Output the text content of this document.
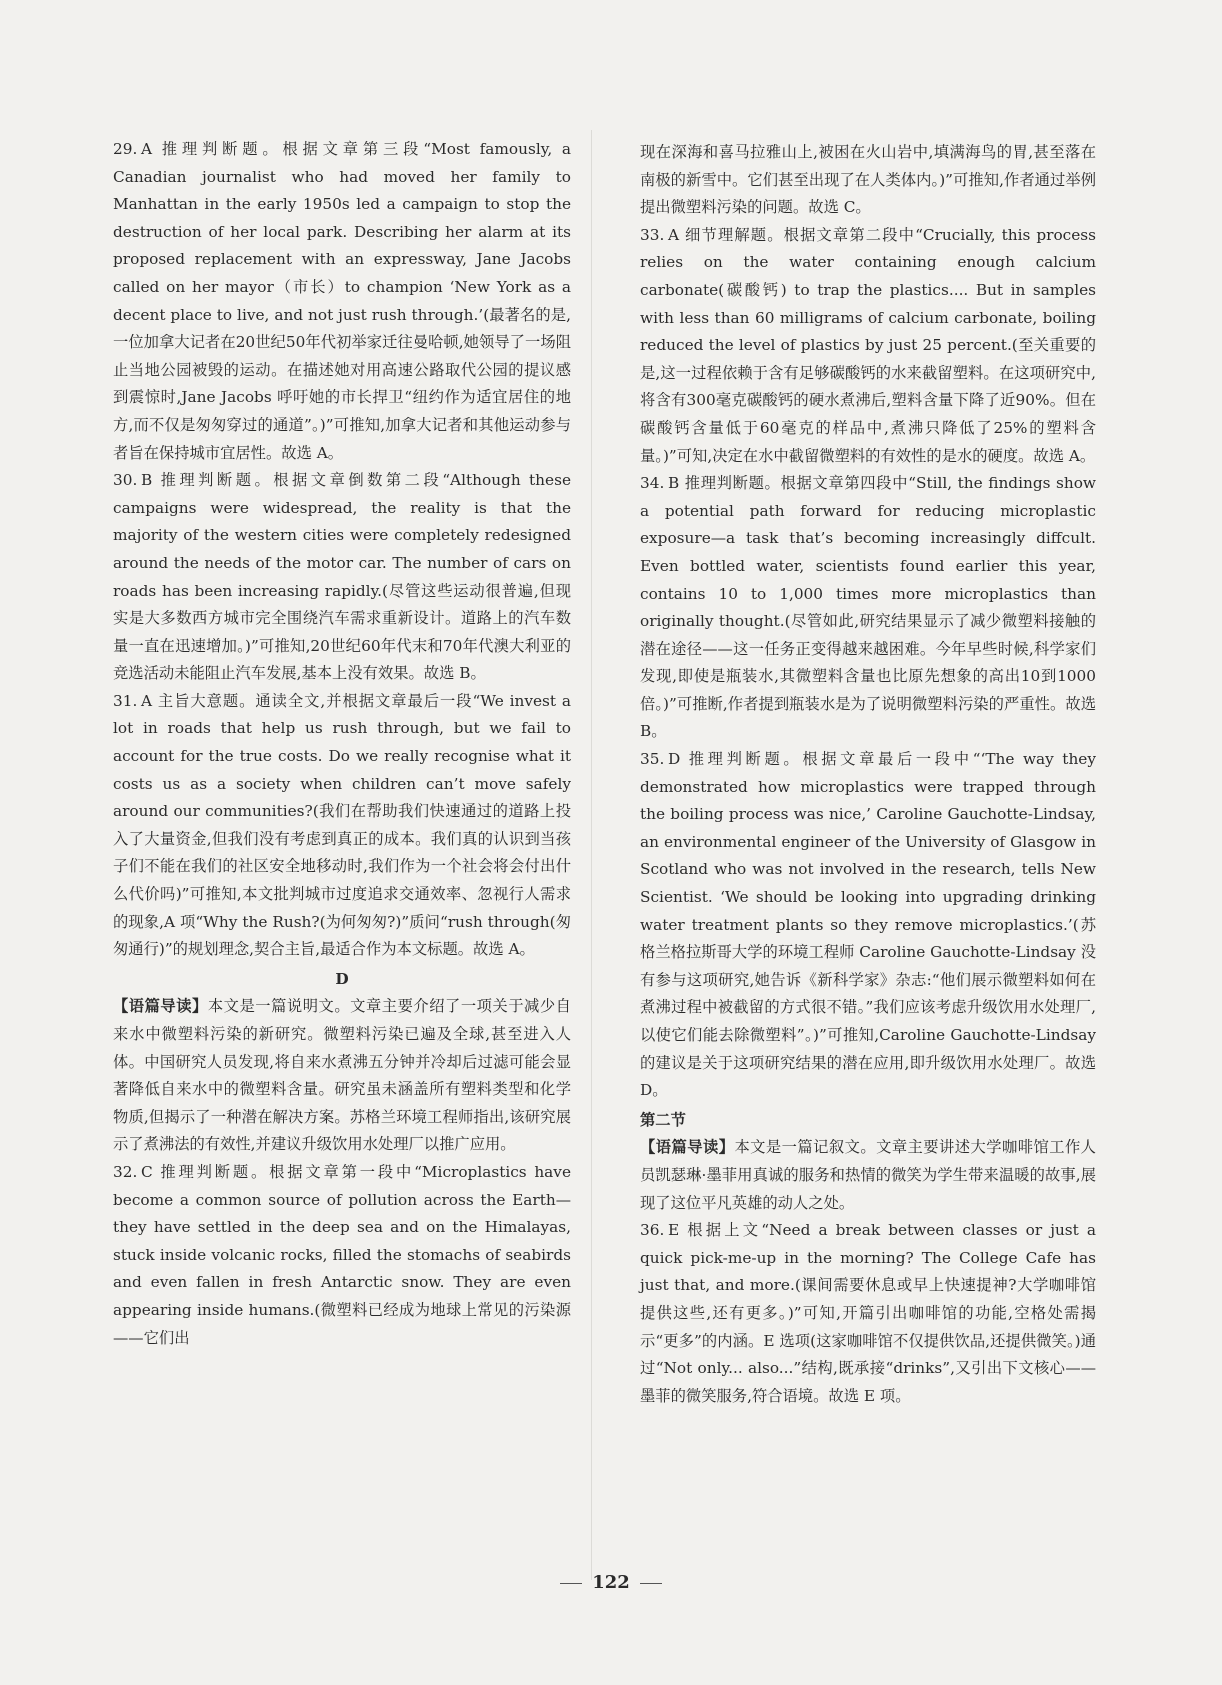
29. A 推理判断题。根据文章第三段“Most famously, a Canadian journalist who had moved her family to Manhattan in the early 1950s led a campaign to stop the destruction of her local park. Describing her alarm at its proposed replacement with an expressway, Jane Jacobs called on her mayor（市长）to champion ‘New York as a decent place to live, and not just rush through.’(最著名的是,一位加拿大记者在20世纪50年代初举家迁往曼哈顿,她领导了一场阻止当地公园被毁的运动。在描述她对用高速公路取代公园的提议感到震惊时,Jane Jacobs 呼吁她的市长捍卫“纽约作为适宜居住的地方,而不仅是匆匆穿过的通道”。)”可推知,加拿大记者和其他运动参与者旨在保持城市宜居性。故选 A。
30. B 推理判断题。根据文章倒数第二段“Although these campaigns were widespread, the reality is that the majority of the western cities were completely redesigned around the needs of the motor car. The number of cars on roads has been increasing rapidly.(尽管这些运动很普遍,但现实是大多数西方城市完全围绕汽车需求重新设计。道路上的汽车数量一直在迅速增加。)”可推知,20世纪60年代末和70年代澳大利亚的竞选活动未能阻止汽车发展,基本上没有效果。故选 B。
31. A 主旨大意题。通读全文,并根据文章最后一段“We invest a lot in roads that help us rush through, but we fail to account for the true costs. Do we really recognise what it costs us as a society when children can’t move safely around our communities?(我们在帮助我们快速通过的道路上投入了大量资金,但我们没有考虑到真正的成本。我们真的认识到当孩子们不能在我们的社区安全地移动时,我们作为一个社会将会付出什么代价吗)”可推知,本文批判城市过度追求交通效率、忽视行人需求的现象,A 项“Why the Rush?(为何匆匆?)”质问“rush through(匆匆通行)”的规划理念,契合主旨,最适合作为本文标题。故选 A。
D
【语篇导读】本文是一篇说明文。文章主要介绍了一项关于减少自来水中微塑料污染的新研究。微塑料污染已遍及全球,甚至进入人体。中国研究人员发现,将自来水煮沸五分钟并冷却后过滤可能会显著降低自来水中的微塑料含量。研究虽未涵盖所有塑料类型和化学物质,但揭示了一种潜在解决方案。苏格兰环境工程师指出,该研究展示了煮沸法的有效性,并建议升级饮用水处理厂以推广应用。
32. C 推理判断题。根据文章第一段中“Microplastics have become a common source of pollution across the Earth—they have settled in the deep sea and on the Himalayas, stuck inside volcanic rocks, filled the stomachs of seabirds and even fallen in fresh Antarctic snow. They are even appearing inside humans.(微塑料已经成为地球上常见的污染源——它们出
现在深海和喜马拉雅山上,被困在火山岩中,填满海鸟的胃,甚至落在南极的新雪中。它们甚至出现了在人类体内。)”可推知,作者通过举例提出微塑料污染的问题。故选 C。
33. A 细节理解题。根据文章第二段中“Crucially, this process relies on the water containing enough calcium carbonate(碳酸钙) to trap the plastics.... But in samples with less than 60 milligrams of calcium carbonate, boiling reduced the level of plastics by just 25 percent.(至关重要的是,这一过程依赖于含有足够碳酸钙的水来截留塑料。在这项研究中,将含有300毫克碳酸钙的硬水煮沸后,塑料含量下降了近90%。但在碳酸钙含量低于60毫克的样品中,煮沸只降低了25%的塑料含量。)”可知,决定在水中截留微塑料的有效性的是水的硬度。故选 A。
34. B 推理判断题。根据文章第四段中“Still, the findings show a potential path forward for reducing microplastic exposure—a task that’s becoming increasingly diffcult. Even bottled water, scientists found earlier this year, contains 10 to 1,000 times more microplastics than originally thought.(尽管如此,研究结果显示了减少微塑料接触的潜在途径——这一任务正变得越来越困难。今年早些时候,科学家们发现,即使是瓶装水,其微塑料含量也比原先想象的高出10到1000倍。)”可推断,作者提到瓶装水是为了说明微塑料污染的严重性。故选 B。
35. D 推理判断题。根据文章最后一段中“‘The way they demonstrated how microplastics were trapped through the boiling process was nice,’ Caroline Gauchotte-Lindsay, an environmental engineer of the University of Glasgow in Scotland who was not involved in the research, tells New Scientist. ‘We should be looking into upgrading drinking water treatment plants so they remove microplastics.’(苏格兰格拉斯哥大学的环境工程师 Caroline Gauchotte-Lindsay 没有参与这项研究,她告诉《新科学家》杂志:“他们展示微塑料如何在煮沸过程中被截留的方式很不错。”我们应该考虑升级饮用水处理厂,以使它们能去除微塑料”。)”可推知,Caroline Gauchotte-Lindsay 的建议是关于这项研究结果的潜在应用,即升级饮用水处理厂。故选 D。
第二节
【语篇导读】本文是一篇记叙文。文章主要讲述大学咖啡馆工作人员凯瑟琳·墨菲用真诚的服务和热情的微笑为学生带来温暖的故事,展现了这位平凡英雄的动人之处。
36. E 根据上文“Need a break between classes or just a quick pick-me-up in the morning? The College Cafe has just that, and more.(课间需要休息或早上快速提神?大学咖啡馆提供这些,还有更多。)”可知,开篇引出咖啡馆的功能,空格处需揭示“更多”的内涵。E 选项(这家咖啡馆不仅提供饮品,还提供微笑。)通过“Not only... also...”结构,既承接“drinks”,又引出下文核心——墨菲的微笑服务,符合语境。故选 E 项。
122
